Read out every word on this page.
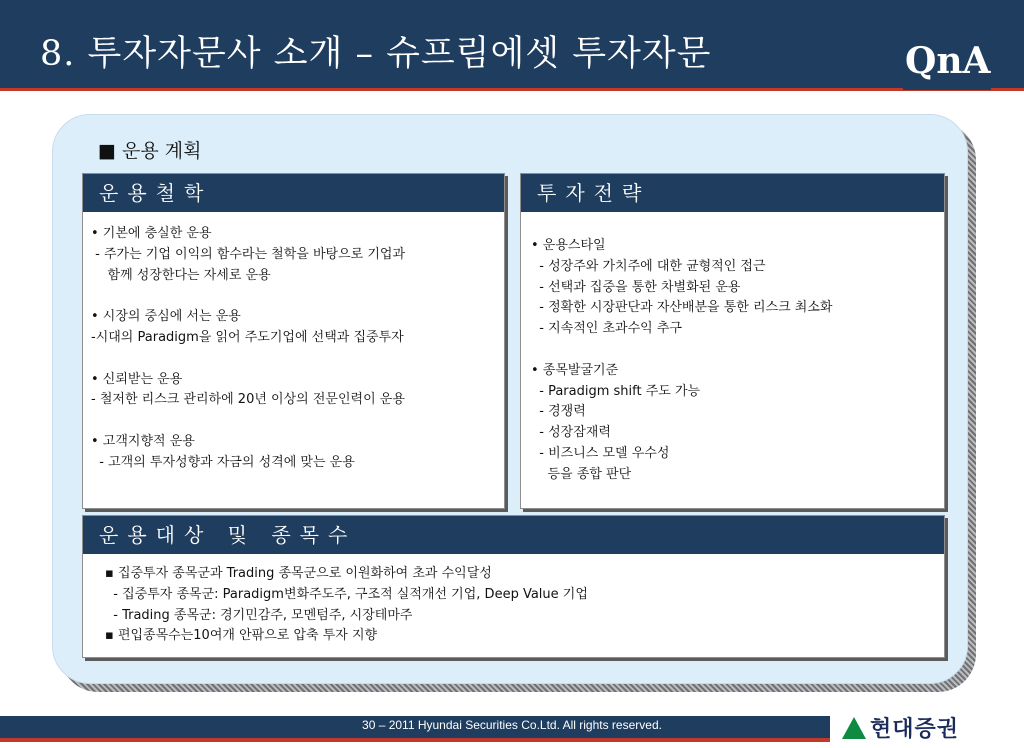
8. 투자자문사 소개 – 슈프림에셋 투자자문	QnA
■ 운용 계획
운용철학
• 기본에 충실한 운용
- 주가는 기업 이익의 함수라는 철학을 바탕으로 기업과
함께 성장한다는 자세로 운용
• 시장의 중심에 서는 운용
-시대의 Paradigm을 읽어 주도기업에 선택과 집중투자
• 신뢰받는 운용
- 철저한 리스크 관리하에 20년 이상의 전문인력이 운용
• 고객지향적 운용
- 고객의 투자성향과 자금의 성격에 맞는 운용
투자전략
• 운용스타일
- 성장주와 가치주에 대한 균형적인 접근
- 선택과 집중을 통한 차별화된 운용
- 정확한 시장판단과 자산배분을 통한 리스크 최소화
- 지속적인 초과수익 추구
• 종목발굴기준
- Paradigm shift 주도 가능
- 경쟁력
- 성장잠재력
- 비즈니스 모델 우수성
등을 종합 판단
운용대상 및 종목수
▪ 집중투자 종목군과 Trading 종목군으로 이원화하여 초과 수익달성
- 집중투자 종목군: Paradigm변화주도주, 구조적 실적개선 기업, Deep Value 기업
- Trading 종목군: 경기민감주, 모멘텀주, 시장테마주
▪ 편입종목수는10여개 안팎으로 압축 투자 지향
30 – 2011 Hyundai Securities Co.Ltd. All rights reserved.	현대증권
